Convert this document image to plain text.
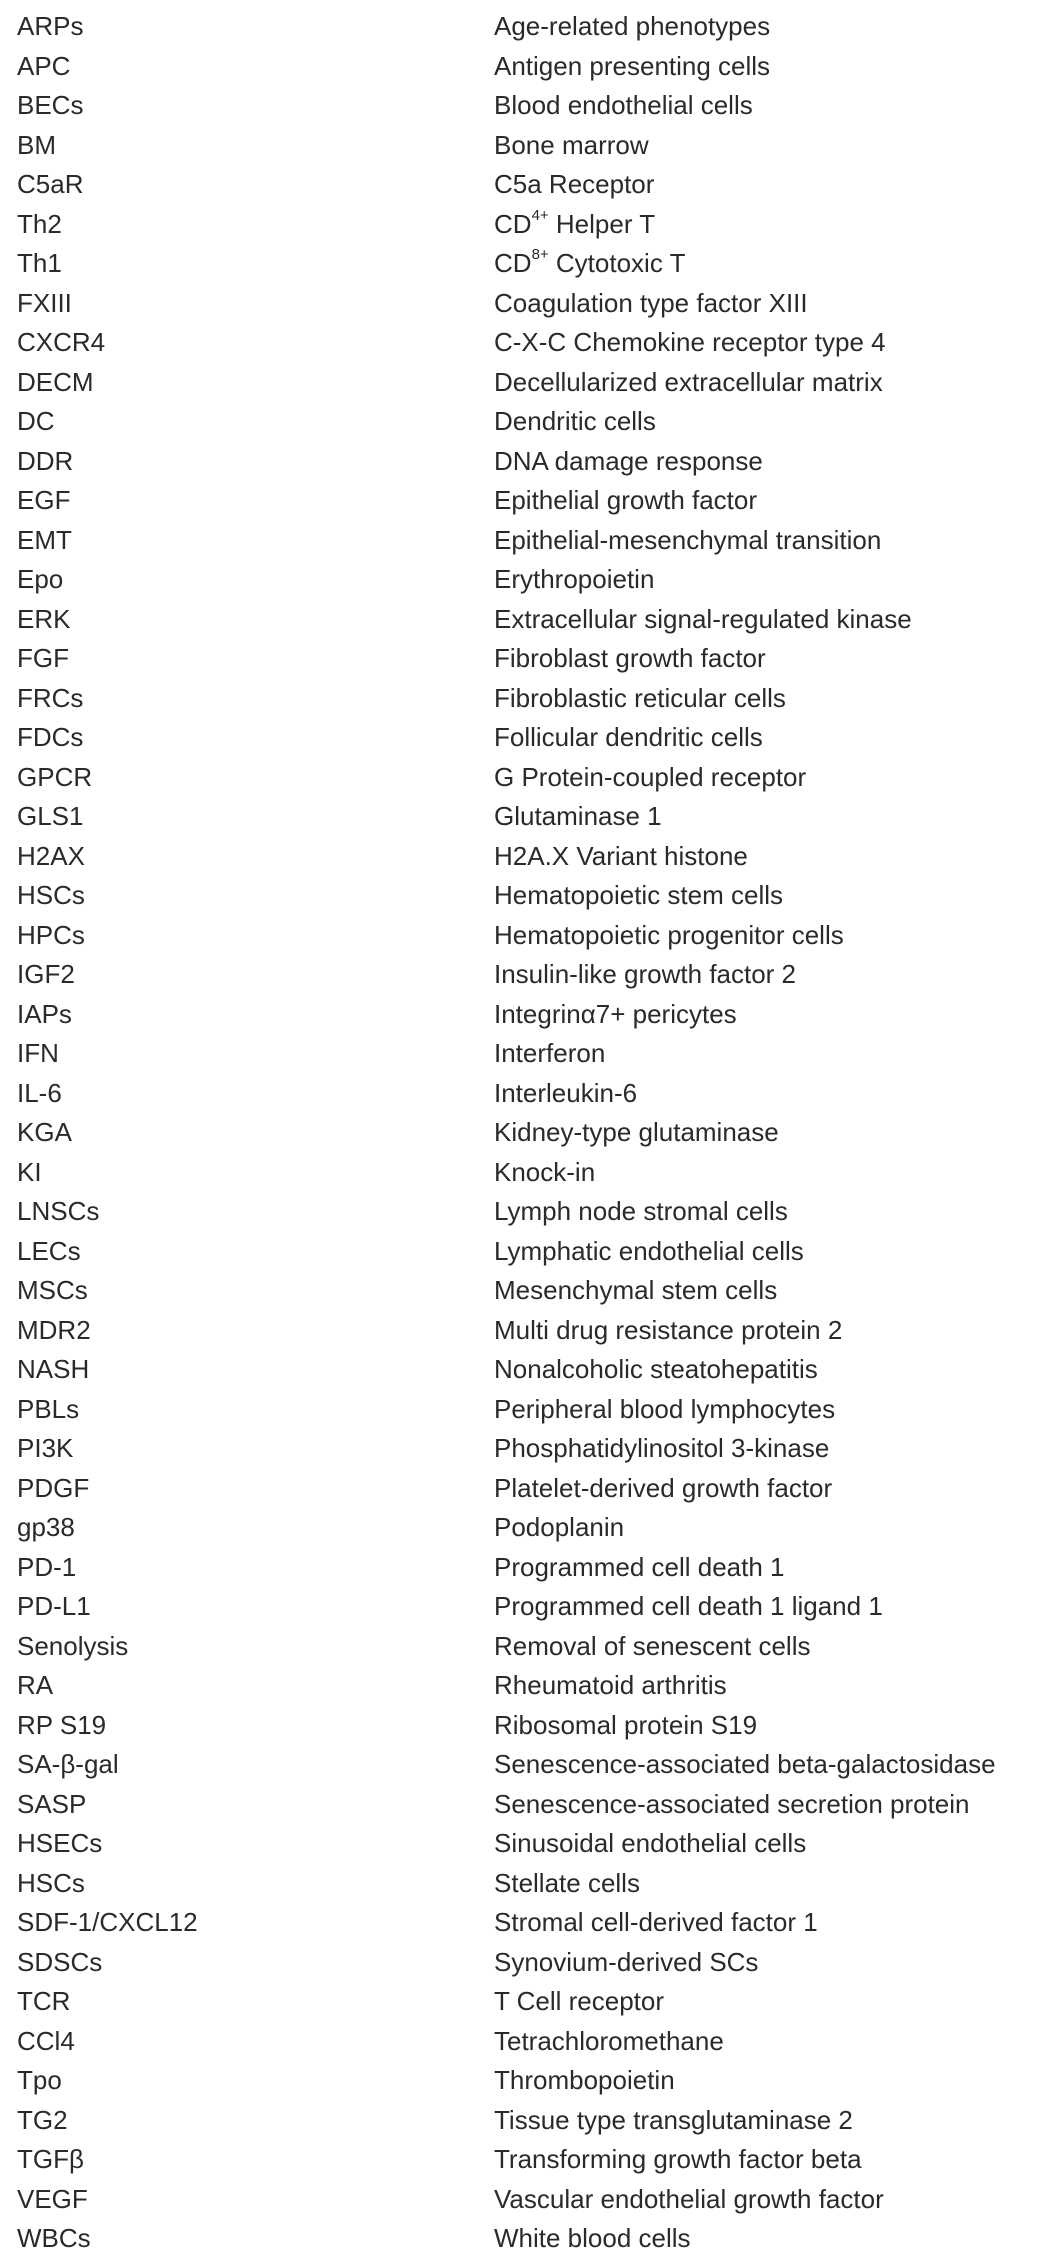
ARPs	Age-related phenotypes
APC	Antigen presenting cells
BECs	Blood endothelial cells
BM	Bone marrow
C5aR	C5a Receptor
Th2	$CD^{4+}$ Helper T
Th1	$CD^{8+}$ Cytotoxic T
FXIII	Coagulation type factor XIII
CXCR4	C-X-C Chemokine receptor type 4
DECM	Decellularized extracellular matrix
DC	Dendritic cells
DDR	DNA damage response
EGF	Epithelial growth factor
EMT	Epithelial-mesenchymal transition
Epo	Erythropoietin
ERK	Extracellular signal-regulated kinase
FGF	Fibroblast growth factor
FRCs	Fibroblastic reticular cells
FDCs	Follicular dendritic cells
GPCR	G Protein-coupled receptor
GLS1	Glutaminase 1
H2AX	H2A.X Variant histone
HSCs	Hematopoietic stem cells
HPCs	Hematopoietic progenitor cells
IGF2	Insulin-like growth factor 2
IAPs	Integrinα7+ pericytes
IFN	Interferon
IL-6	Interleukin-6
KGA	Kidney-type glutaminase
KI	Knock-in
LNSCs	Lymph node stromal cells
LECs	Lymphatic endothelial cells
MSCs	Mesenchymal stem cells
MDR2	Multi drug resistance protein 2
NASH	Nonalcoholic steatohepatitis
PBLs	Peripheral blood lymphocytes
PI3K	Phosphatidylinositol 3-kinase
PDGF	Platelet-derived growth factor
gp38	Podoplanin
PD-1	Programmed cell death 1
PD-L1	Programmed cell death 1 ligand 1
Senolysis	Removal of senescent cells
RA	Rheumatoid arthritis
RP S19	Ribosomal protein S19
SA-β-gal	Senescence-associated beta-galactosidase
SASP	Senescence-associated secretion protein
HSECs	Sinusoidal endothelial cells
HSCs	Stellate cells
SDF-1/CXCL12	Stromal cell-derived factor 1
SDSCs	Synovium-derived SCs
TCR	T Cell receptor
CCl4	Tetrachloromethane
Tpo	Thrombopoietin
TG2	Tissue type transglutaminase 2
TGFβ	Transforming growth factor beta
VEGF	Vascular endothelial growth factor
WBCs	White blood cells
